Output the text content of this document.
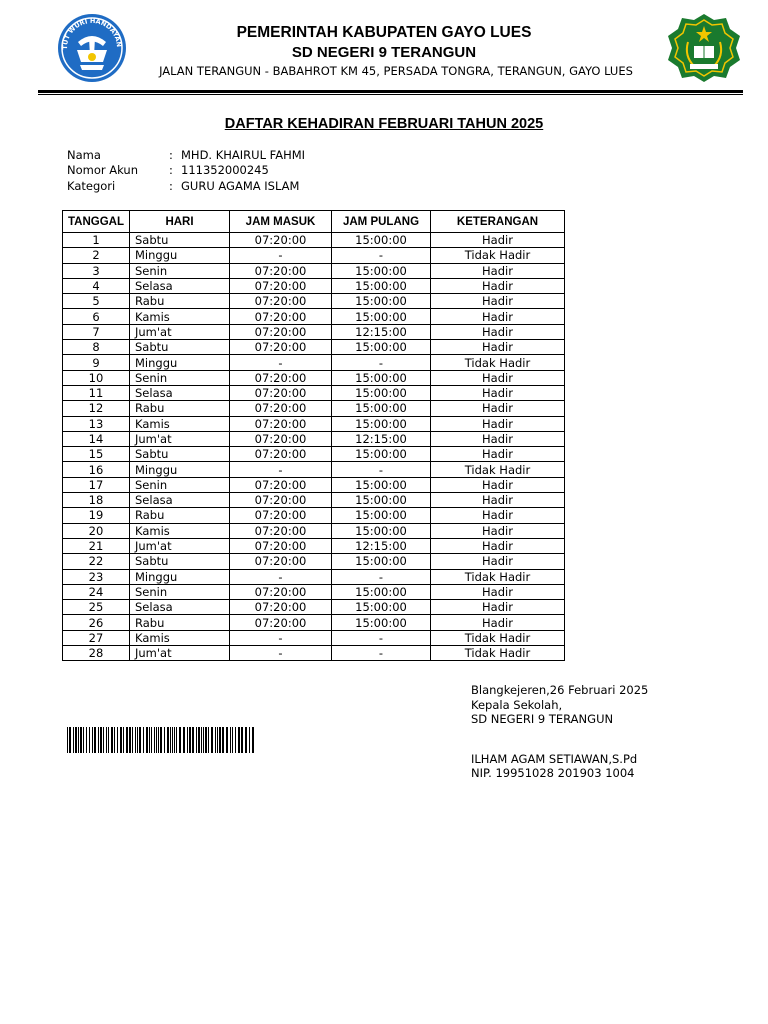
TUT WURI HANDAYAN
PEMERINTAH KABUPATEN GAYO LUES
SD NEGERI 9 TERANGUN
JALAN TERANGUN - BABAHROT KM 45, PERSADA TONGRA, TERANGUN, GAYO LUES
DAFTAR KEHADIRAN FEBRUARI TAHUN 2025
Nama	: MHD. KHAIRUL FAHMI
Nomor Akun	: 111352000245
Kategori	: GURU AGAMA ISLAM
TANGGAL	HARI	JAM MASUK	JAM PULANG	KETERANGAN
1	Sabtu	07:20:00	15:00:00	Hadir
2	Minggu	-	-	Tidak Hadir
3	Senin	07:20:00	15:00:00	Hadir
4	Selasa	07:20:00	15:00:00	Hadir
5	Rabu	07:20:00	15:00:00	Hadir
6	Kamis	07:20:00	15:00:00	Hadir
7	Jum'at	07:20:00	12:15:00	Hadir
8	Sabtu	07:20:00	15:00:00	Hadir
9	Minggu	-	-	Tidak Hadir
10	Senin	07:20:00	15:00:00	Hadir
11	Selasa	07:20:00	15:00:00	Hadir
12	Rabu	07:20:00	15:00:00	Hadir
13	Kamis	07:20:00	15:00:00	Hadir
14	Jum'at	07:20:00	12:15:00	Hadir
15	Sabtu	07:20:00	15:00:00	Hadir
16	Minggu	-	-	Tidak Hadir
17	Senin	07:20:00	15:00:00	Hadir
18	Selasa	07:20:00	15:00:00	Hadir
19	Rabu	07:20:00	15:00:00	Hadir
20	Kamis	07:20:00	15:00:00	Hadir
21	Jum'at	07:20:00	12:15:00	Hadir
22	Sabtu	07:20:00	15:00:00	Hadir
23	Minggu	-	-	Tidak Hadir
24	Senin	07:20:00	15:00:00	Hadir
25	Selasa	07:20:00	15:00:00	Hadir
26	Rabu	07:20:00	15:00:00	Hadir
27	Kamis	-	-	Tidak Hadir
28	Jum'at	-	-	Tidak Hadir
Blangkejeren,26 Februari 2025
Kepala Sekolah,
SD NEGERI 9 TERANGUN
ILHAM AGAM SETIAWAN,S.Pd
NIP. 19951028 201903 1004
